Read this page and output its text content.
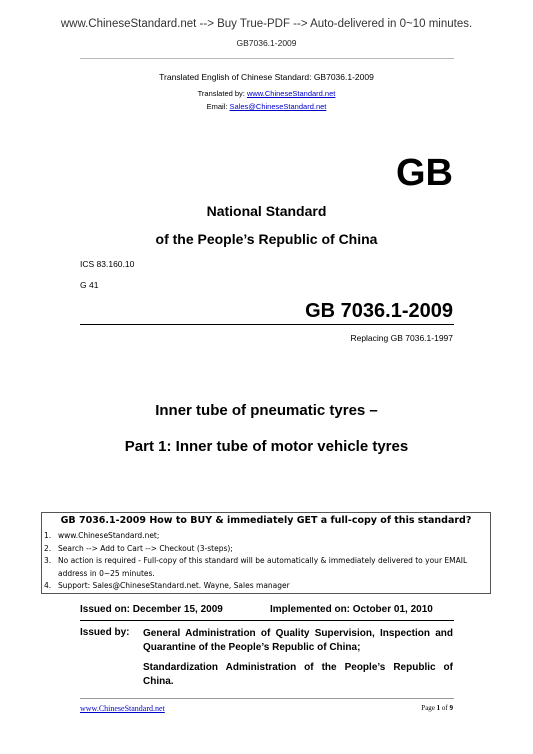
www.ChineseStandard.net --> Buy True-PDF --> Auto-delivered in 0~10 minutes.
GB7036.1-2009
Translated English of Chinese Standard: GB7036.1-2009
Translated by: www.ChineseStandard.net
Email: Sales@ChineseStandard.net
GB
National Standard
of the People’s Republic of China
ICS 83.160.10
G 41
GB 7036.1-2009
Replacing GB 7036.1-1997
Inner tube of pneumatic tyres –
Part 1: Inner tube of motor vehicle tyres
GB 7036.1-2009 How to BUY & immediately GET a full-copy of this standard?
1. www.ChineseStandard.net;
2. Search --> Add to Cart --> Checkout (3-steps);
3. No action is required - Full-copy of this standard will be automatically & immediately delivered to your EMAIL address in 0~25 minutes.
4. Support: Sales@ChineseStandard.net. Wayne, Sales manager
Issued on: December 15, 2009	Implemented on: October 01, 2010
Issued by: General Administration of Quality Supervision, Inspection and Quarantine of the People’s Republic of China;
Standardization Administration of the People’s Republic of China.
www.ChineseStandard.net	Page 1 of 9
